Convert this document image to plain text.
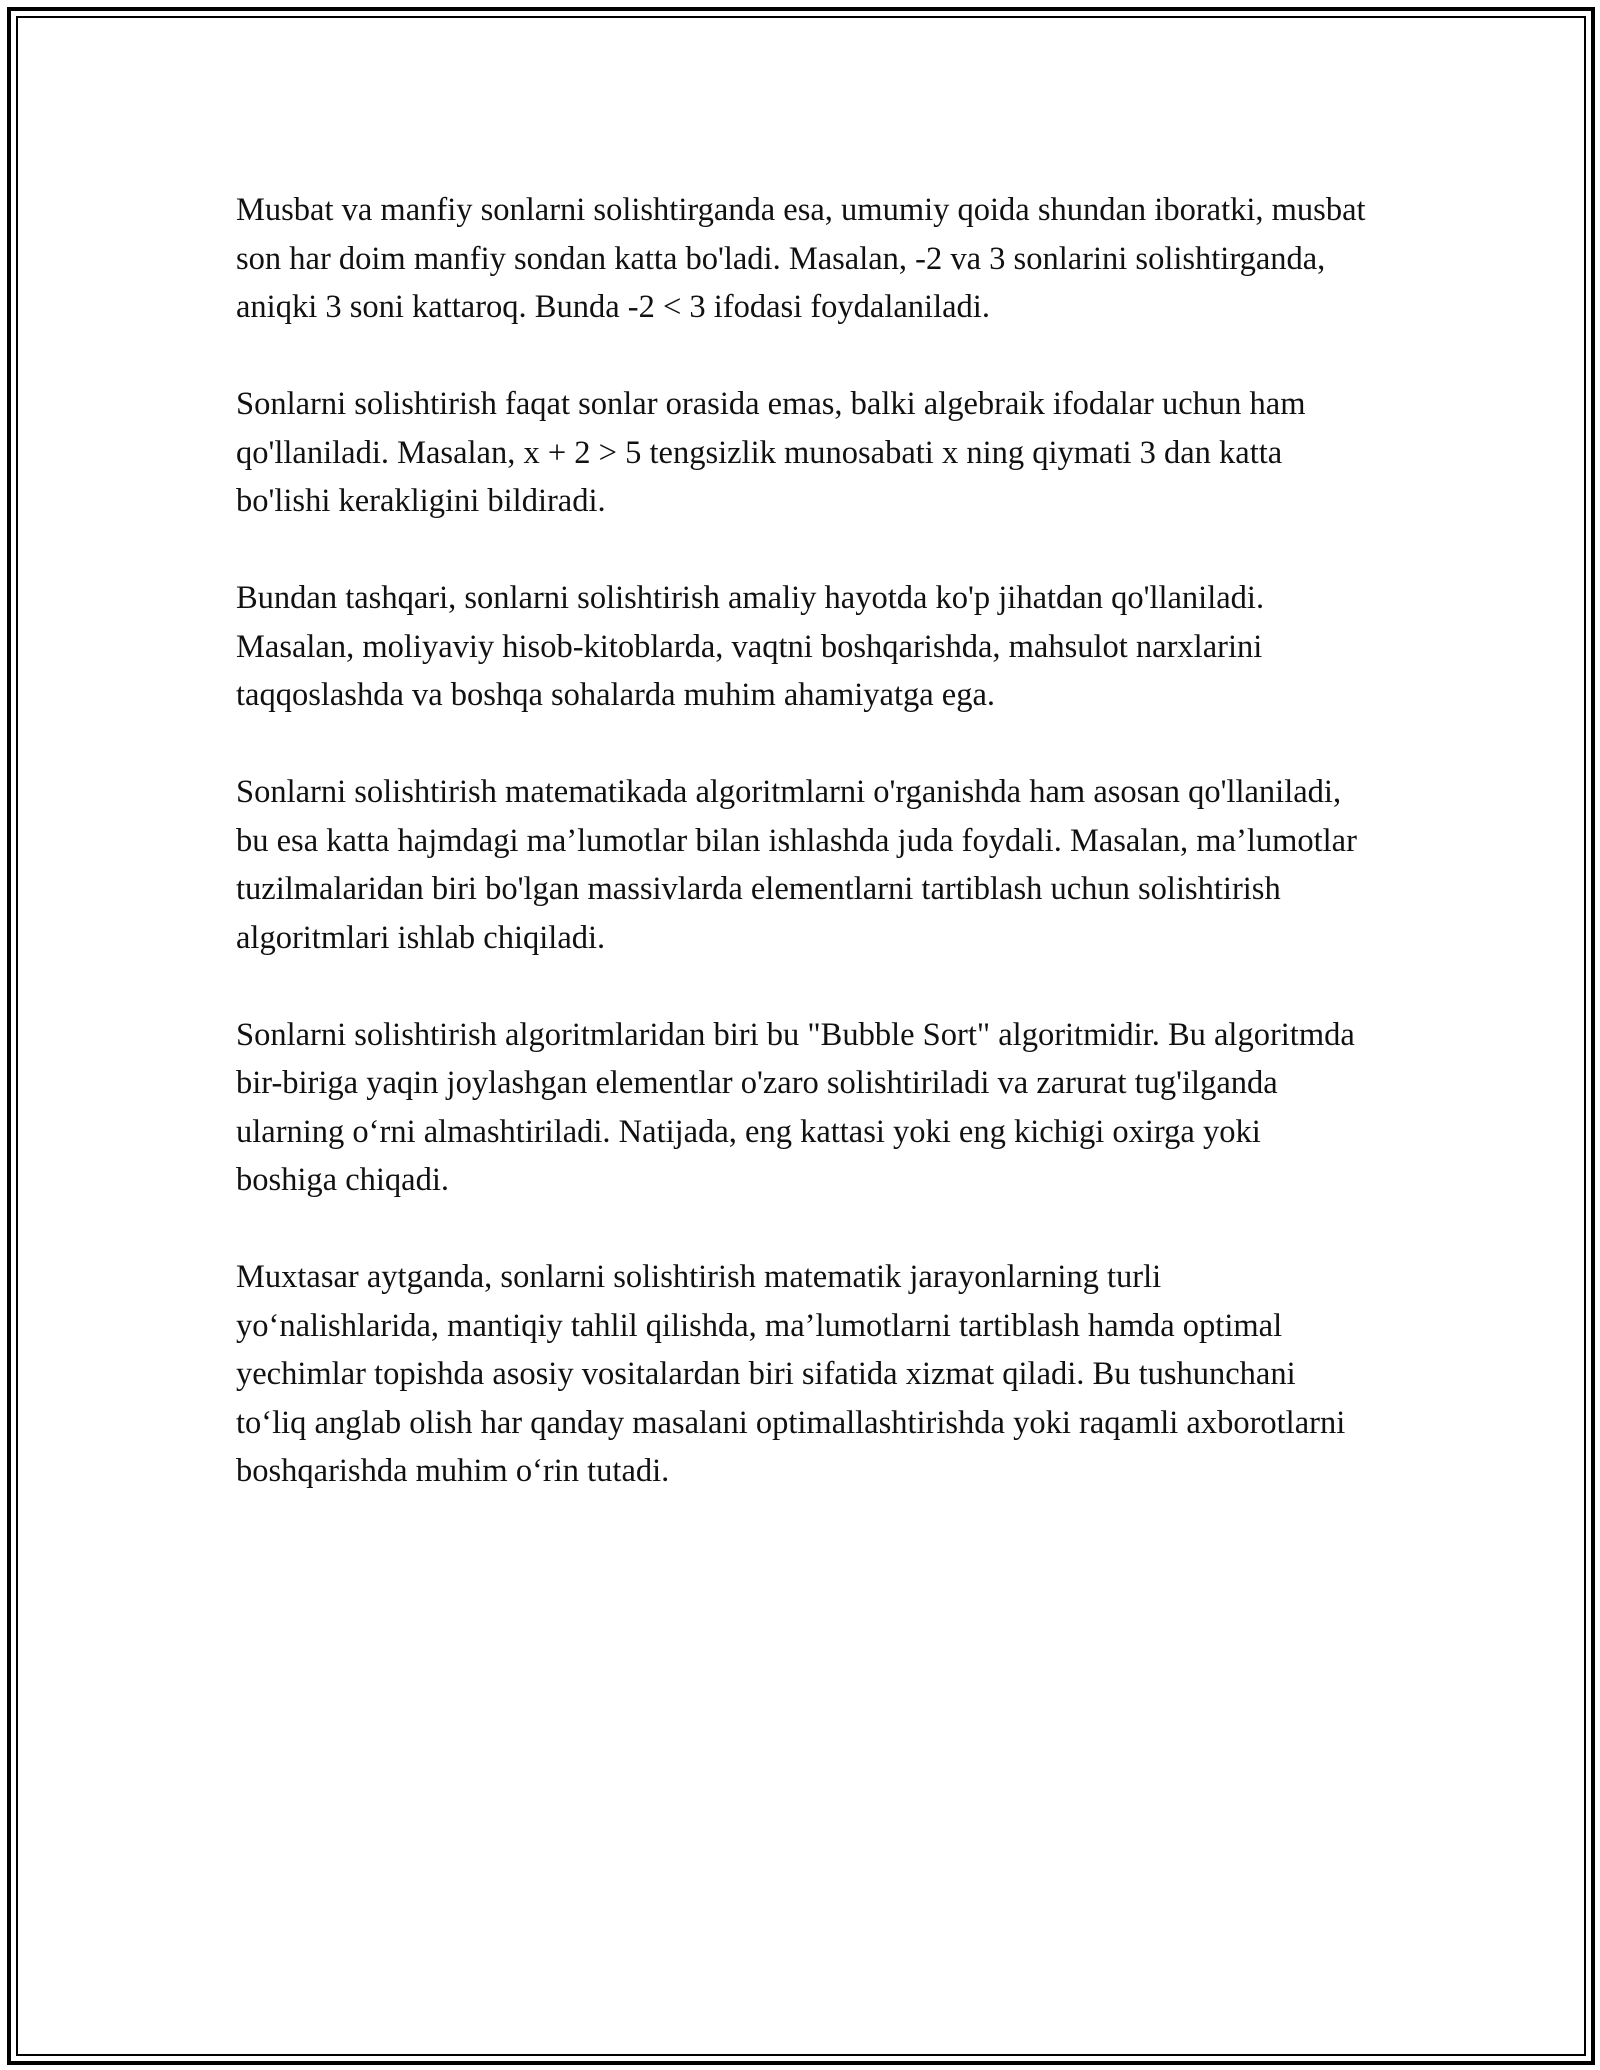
Musbat va manfiy sonlarni solishtirganda esa, umumiy qoida shundan iboratki, musbat son har doim manfiy sondan katta bo'ladi. Masalan, -2 va 3 sonlarini solishtirganda, aniqki 3 soni kattaroq. Bunda -2 < 3 ifodasi foydalaniladi.

Sonlarni solishtirish faqat sonlar orasida emas, balki algebraik ifodalar uchun ham qo'llaniladi. Masalan, x + 2 > 5 tengsizlik munosabati x ning qiymati 3 dan katta bo'lishi kerakligini bildiradi.

Bundan tashqari, sonlarni solishtirish amaliy hayotda ko'p jihatdan qo'llaniladi. Masalan, moliyaviy hisob-kitoblarda, vaqtni boshqarishda, mahsulot narxlarini taqqoslashda va boshqa sohalarda muhim ahamiyatga ega.

Sonlarni solishtirish matematikada algoritmlarni o'rganishda ham asosan qo'llaniladi, bu esa katta hajmdagi ma’lumotlar bilan ishlashda juda foydali. Masalan, ma’lumotlar tuzilmalaridan biri bo'lgan massivlarda elementlarni tartiblash uchun solishtirish algoritmlari ishlab chiqiladi.

Sonlarni solishtirish algoritmlaridan biri bu "Bubble Sort" algoritmidir. Bu algoritmda bir-biriga yaqin joylashgan elementlar o'zaro solishtiriladi va zarurat tug'ilganda ularning o‘rni almashtiriladi. Natijada, eng kattasi yoki eng kichigi oxirga yoki boshiga chiqadi.

Muxtasar aytganda, sonlarni solishtirish matematik jarayonlarning turli yo‘nalishlarida, mantiqiy tahlil qilishda, ma’lumotlarni tartiblash hamda optimal yechimlar topishda asosiy vositalardan biri sifatida xizmat qiladi. Bu tushunchani to‘liq anglab olish har qanday masalani optimallashtirishda yoki raqamli axborotlarni boshqarishda muhim o‘rin tutadi.
